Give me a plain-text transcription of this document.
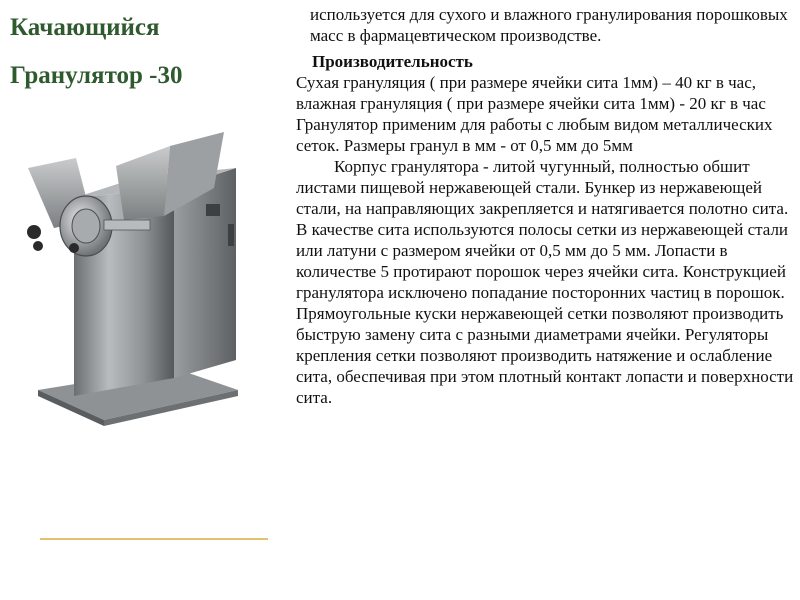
Качающийся
Гранулятор -30

используется для сухого и влажного гранулирования порошковых масс в фармацевтическом производстве.

Производительность

Сухая грануляция ( при размере ячейки сита 1мм) – 40 кг в час, влажная грануляция ( при размере ячейки сита 1мм) - 20 кг в час

Гранулятор применим для работы с любым видом металлических сеток. Размеры гранул в мм - от 0,5 мм до 5мм

Корпус гранулятора - литой чугунный, полностью обшит листами пищевой нержавеющей стали. Бункер из нержавеющей стали, на направляющих закрепляется и натягивается полотно сита. В качестве сита используются полосы сетки из нержавеющей стали или латуни с размером ячейки от 0,5 мм до 5 мм. Лопасти в количестве 5 протирают порошок через ячейки сита. Конструкцией гранулятора исключено попадание посторонних частиц в порошок. Прямоугольные куски нержавеющей сетки позволяют производить быструю замену сита с разными диаметрами ячейки. Регуляторы крепления сетки позволяют производить натяжение и ослабление сита, обеспечивая при этом плотный контакт лопасти и поверхности сита.
